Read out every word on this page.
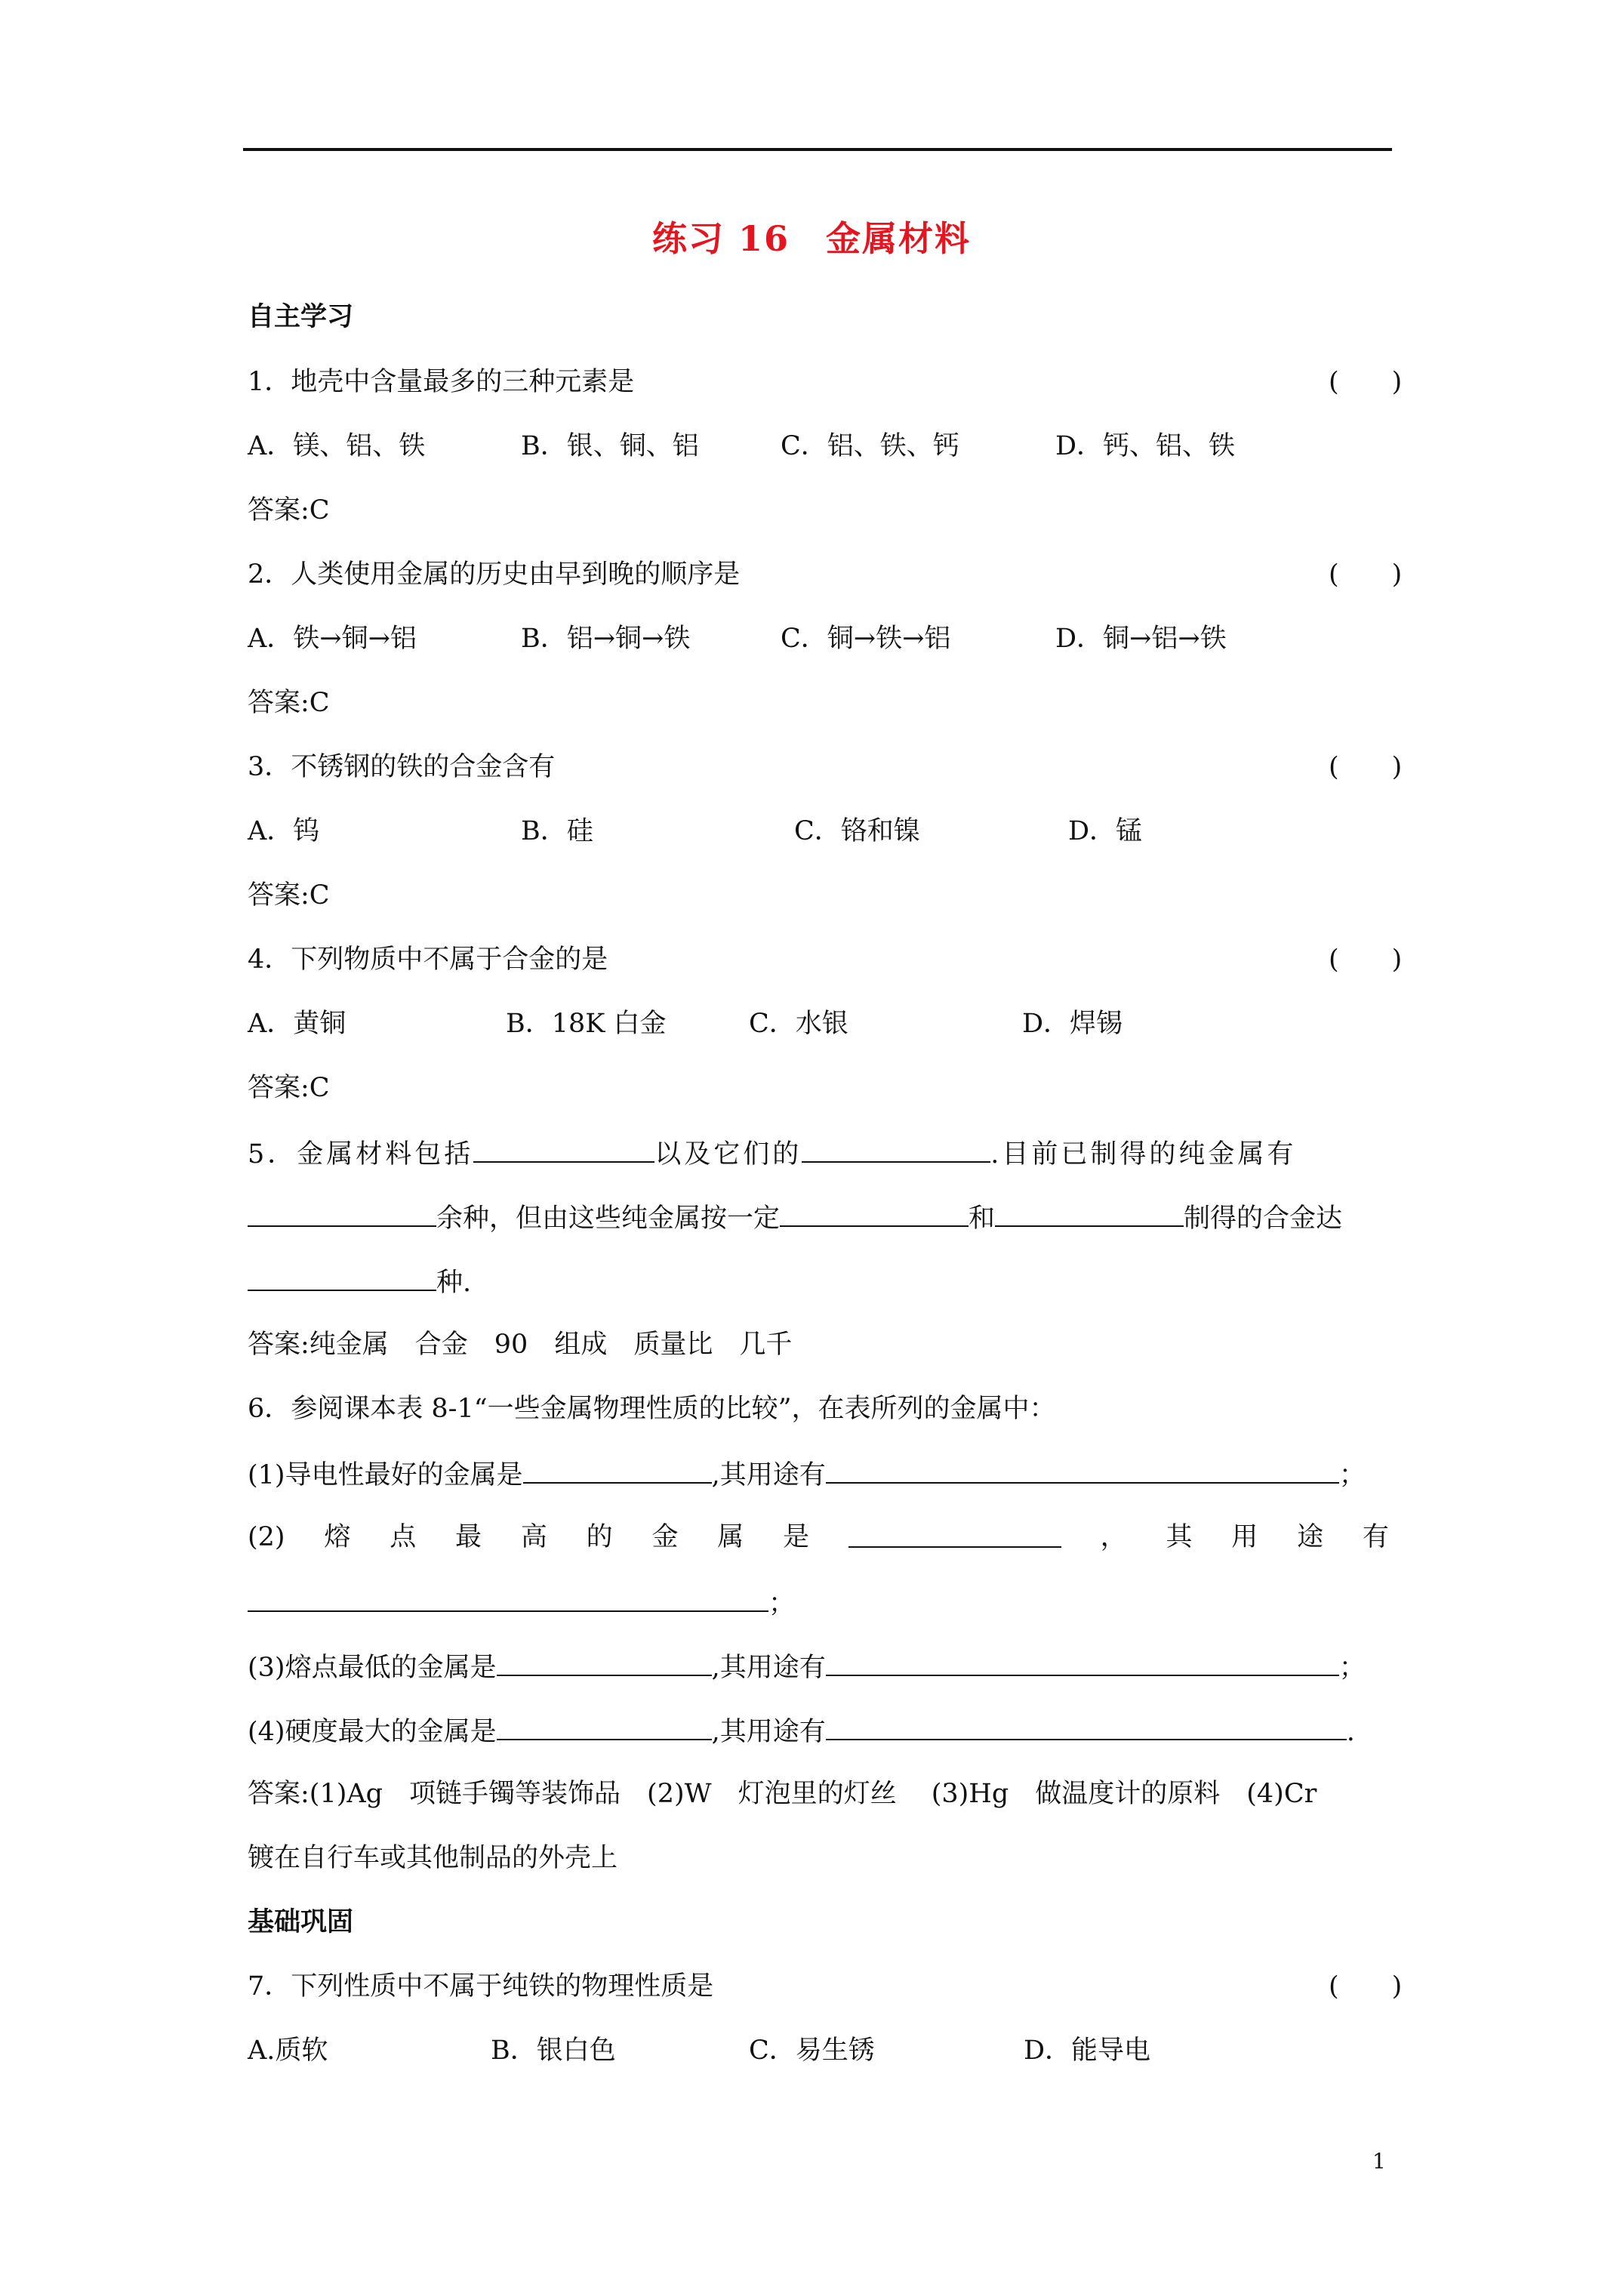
练习 16　金属材料
自主学习
1．地壳中含量最多的三种元素是	(　　)
A．镁、铝、铁	B．银、铜、铝	C．铝、铁、钙	D．钙、铝、铁
答案:C
2．人类使用金属的历史由早到晚的顺序是	(　　)
A．铁→铜→铝	B．铝→铜→铁	C．铜→铁→铝	D．铜→铝→铁
答案:C
3．不锈钢的铁的合金含有	(　　)
A．钨	B．硅	C．铬和镍	D．锰
答案:C
4．下列物质中不属于合金的是	(　　)
A．黄铜	B．18K 白金	C．水银	D．焊锡
答案:C
5．金属材料包括	以及它们的	.目前已制得的纯金属有
余种，但由这些纯金属按一定	和	制得的合金达
种.
答案:纯金属　合金　90　组成　质量比　几千
6．参阅课本表 8-1“一些金属物理性质的比较”，在表所列的金属中：
(1)导电性最好的金属是	,其用途有	；
(2) 熔 点 最 高 的 金 属 是	， 其 用 途 有
；
(3)熔点最低的金属是	,其用途有	；
(4)硬度最大的金属是	,其用途有	.
答案:(1)Ag　项链手镯等装饰品　(2)W　灯泡里的灯丝　 (3)Hg　做温度计的原料　(4)Cr
镀在自行车或其他制品的外壳上
基础巩固
7．下列性质中不属于纯铁的物理性质是	(　　)
A.质软	B．银白色	C．易生锈	D．能导电
1
